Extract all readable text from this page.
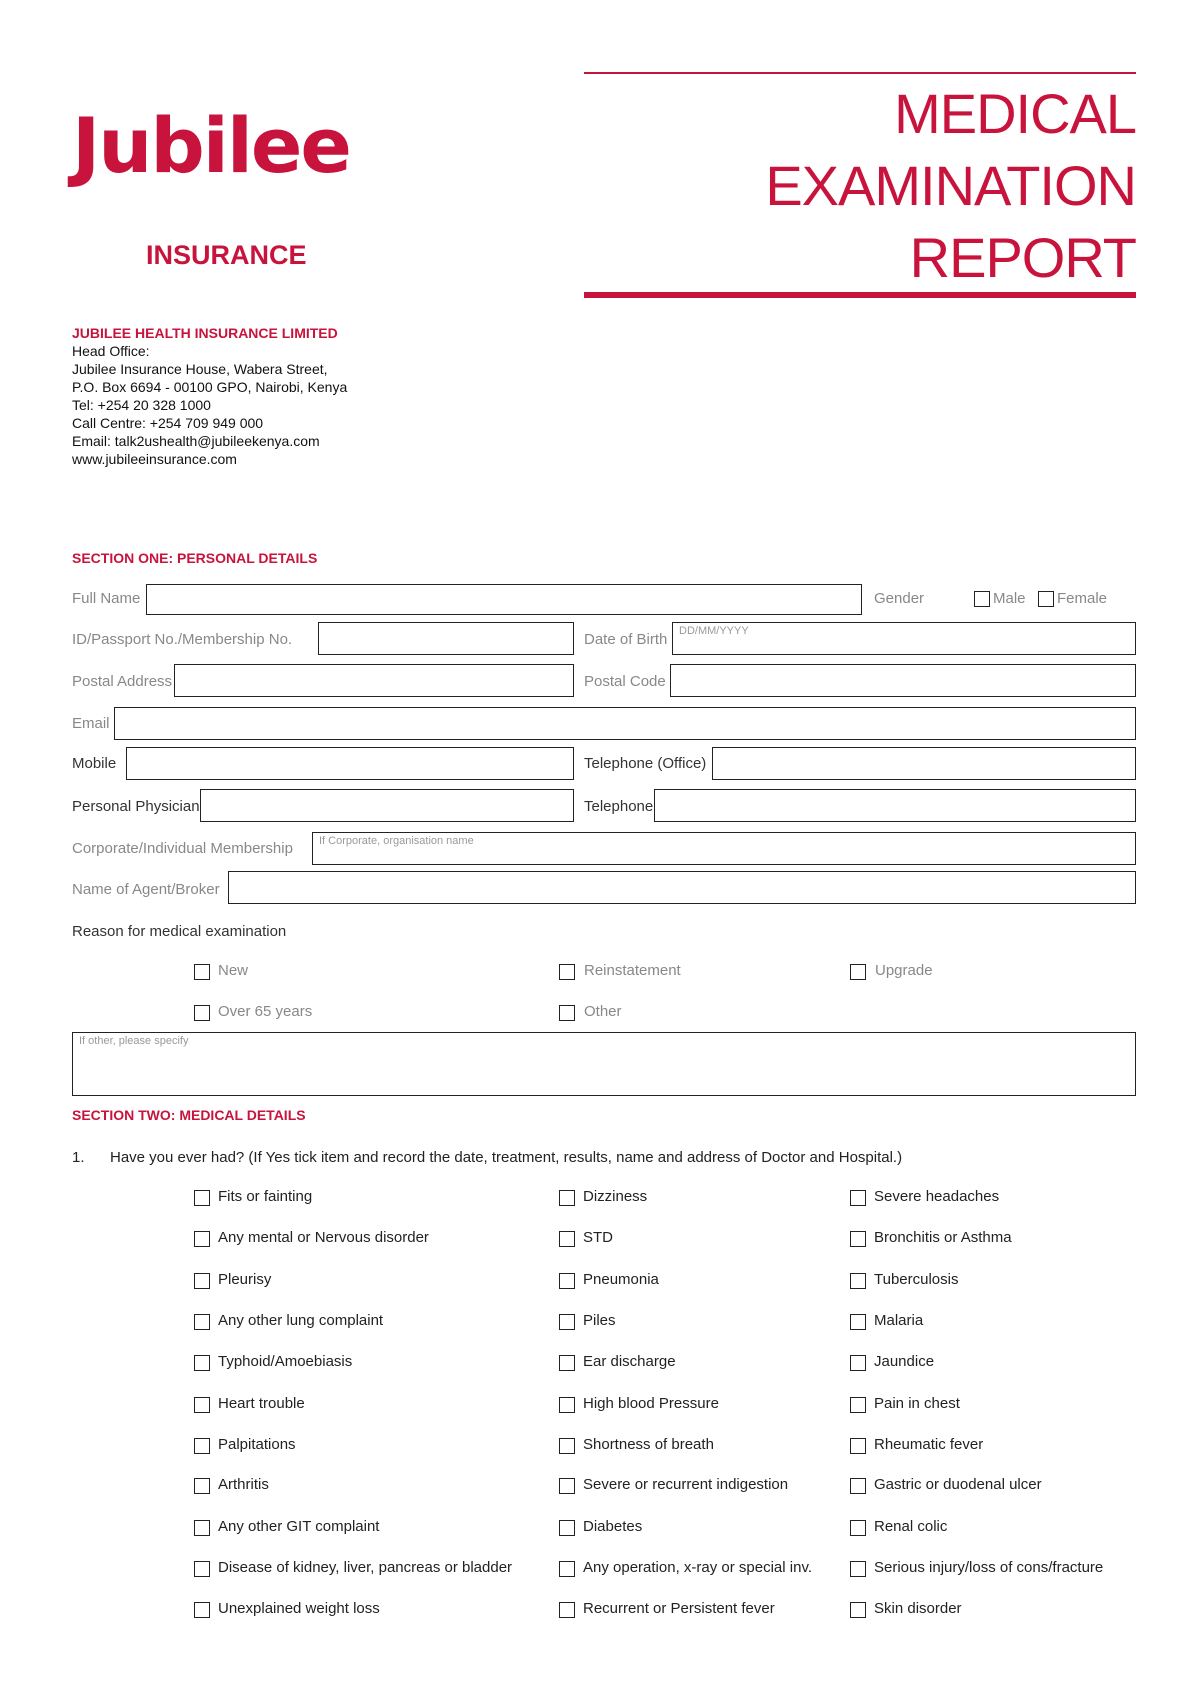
Jubilee
INSURANCE
MEDICAL
EXAMINATION
REPORT
JUBILEE HEALTH INSURANCE LIMITED
Head Office:
Jubilee Insurance House, Wabera Street,
P.O. Box 6694 - 00100 GPO, Nairobi, Kenya
Tel: +254 20 328 1000
Call Centre: +254 709 949 000
Email: talk2ushealth@jubileekenya.com
www.jubileeinsurance.com
SECTION ONE: PERSONAL DETAILS
Full Name	Gender	Male Female
ID/Passport No./Membership No.	Date of Birth	DD/MM/YYYY
Postal Address	Postal Code
Email
Mobile	Telephone (Office)
Personal Physician	Telephone
Corporate/Individual Membership	If Corporate, organisation name
Name of Agent/Broker
Reason for medical examination
New	Reinstatement	Upgrade
Over 65 years	Other
If other, please specify
SECTION TWO: MEDICAL DETAILS
1. Have you ever had? (If Yes tick item and record the date, treatment, results, name and address of Doctor and Hospital.)
Fits or fainting	Dizziness	Severe headaches
Any mental or Nervous disorder	STD	Bronchitis or Asthma
Pleurisy	Pneumonia	Tuberculosis
Any other lung complaint	Piles	Malaria
Typhoid/Amoebiasis	Ear discharge	Jaundice
Heart trouble	High blood Pressure	Pain in chest
Palpitations	Shortness of breath	Rheumatic fever
Arthritis	Severe or recurrent indigestion	Gastric or duodenal ulcer
Any other GIT complaint	Diabetes	Renal colic
Disease of kidney, liver, pancreas or bladder	Any operation, x-ray or special inv.	Serious injury/loss of cons/fracture
Unexplained weight loss	Recurrent or Persistent fever	Skin disorder
